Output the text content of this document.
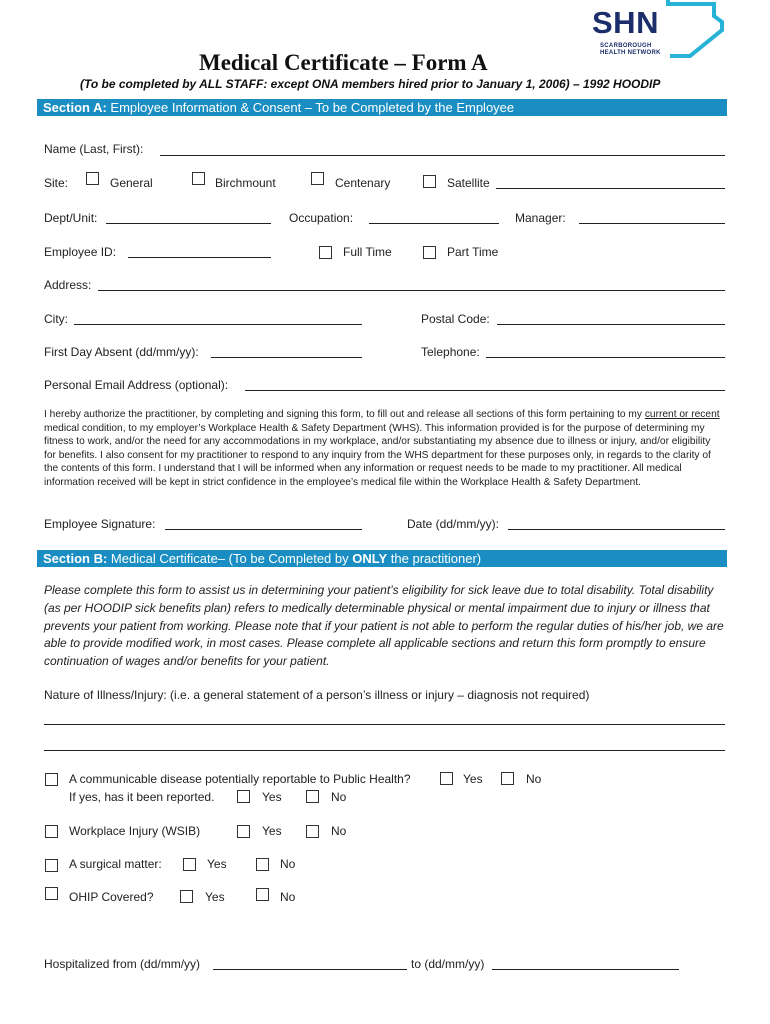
SHN
SCARBOROUGH
HEALTH NETWORK
Medical Certificate – Form A
(To be completed by ALL STAFF: except ONA members hired prior to January 1, 2006) – 1992 HOODIP
Section A: Employee Information & Consent – To be Completed by the Employee
Name (Last, First):
Site:	General	Birchmount	Centenary	Satellite
Dept/Unit:	Occupation:	Manager:
Employee ID:	Full Time	Part Time
Address:
City:	Postal Code:
First Day Absent (dd/mm/yy):	Telephone:
Personal Email Address (optional):
I hereby authorize the practitioner, by completing and signing this form, to fill out and release all sections of this form pertaining to my current or recent medical condition, to my employer’s Workplace Health & Safety Department (WHS). This information provided is for the purpose of determining my fitness to work, and/or the need for any accommodations in my workplace, and/or substantiating my absence due to illness or injury, and/or eligibility for benefits. I also consent for my practitioner to respond to any inquiry from the WHS department for these purposes only, in regards to the clarity of the contents of this form. I understand that I will be informed when any information or request needs to be made to my practitioner. All medical information received will be kept in strict confidence in the employee’s medical file within the Workplace Health & Safety Department.
Employee Signature:	Date (dd/mm/yy):
Section B: Medical Certificate– (To be Completed by ONLY the practitioner)
Please complete this form to assist us in determining your patient’s eligibility for sick leave due to total disability. Total disability (as per HOODIP sick benefits plan) refers to medically determinable physical or mental impairment due to injury or illness that prevents your patient from working. Please note that if your patient is not able to perform the regular duties of his/her job, we are able to provide modified work, in most cases. Please complete all applicable sections and return this form promptly to ensure continuation of wages and/or benefits for your patient.
Nature of Illness/Injury: (i.e. a general statement of a person’s illness or injury – diagnosis not required)
A communicable disease potentially reportable to Public Health?	Yes	No
If yes, has it been reported.	Yes	No
Workplace Injury (WSIB)	Yes	No
A surgical matter:	Yes	No
OHIP Covered?	Yes	No
Hospitalized from (dd/mm/yy)	to (dd/mm/yy)
